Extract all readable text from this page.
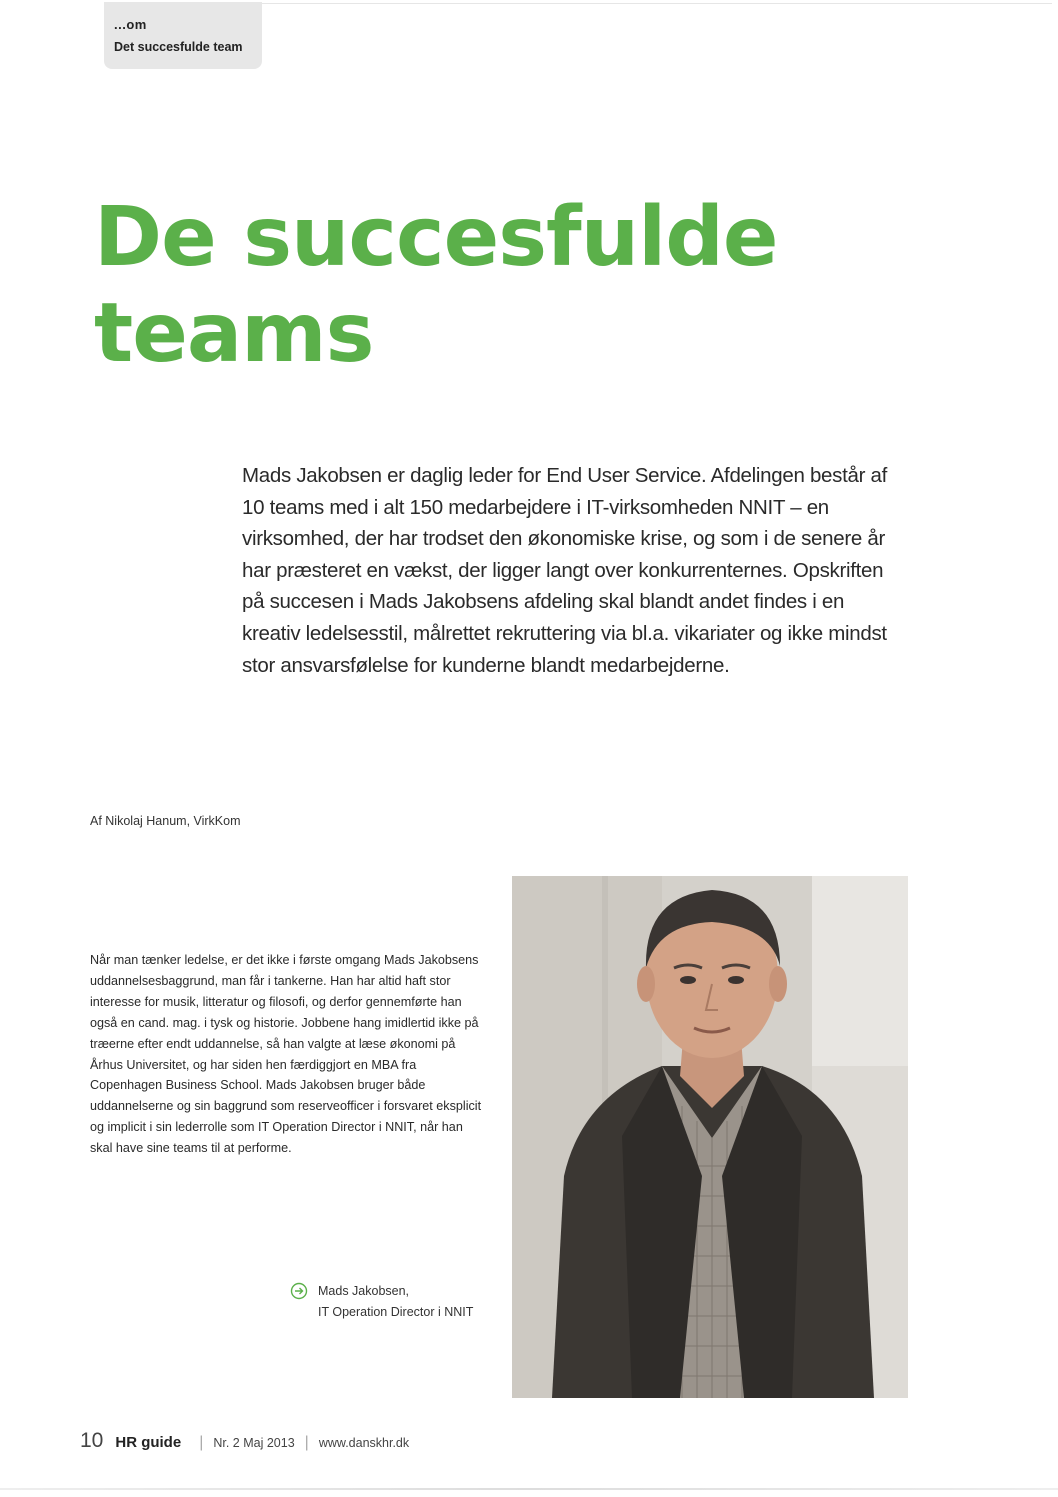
...om
Det succesfulde team
De succesfulde
teams

Mads Jakobsen er daglig leder for End User Service. Afdelingen består af 10 teams med i alt 150 medarbejdere i IT-virksomheden NNIT – en virksomhed, der har trodset den økonomiske krise, og som i de senere år har præsteret en vækst, der ligger langt over konkurrenternes. Opskriften på succesen i Mads Jakobsens afdeling skal blandt andet findes i en kreativ ledelsesstil, målrettet rekruttering via bl.a. vikariater og ikke mindst stor ansvarsfølelse for kunderne blandt medarbejderne.

Af Nikolaj Hanum, VirkKom

Når man tænker ledelse, er det ikke i første omgang Mads Jakobsens uddannelsesbaggrund, man får i tankerne. Han har altid haft stor interesse for musik, litteratur og filosofi, og derfor gennemførte han også en cand. mag. i tysk og historie. Jobbene hang imidlertid ikke på træerne efter endt uddannelse, så han valgte at læse økonomi på Århus Universitet, og har siden hen færdiggjort en MBA fra Copenhagen Business School. Mads Jakobsen bruger både uddannelserne og sin baggrund som reserveofficer i forsvaret eksplicit og implicit i sin lederrolle som IT Operation Director i NNIT, når han skal have sine teams til at performe.

Mads Jakobsen,
IT Operation Director i NNIT
10 HR guide | Nr. 2 Maj 2013 | www.danskhr.dk
